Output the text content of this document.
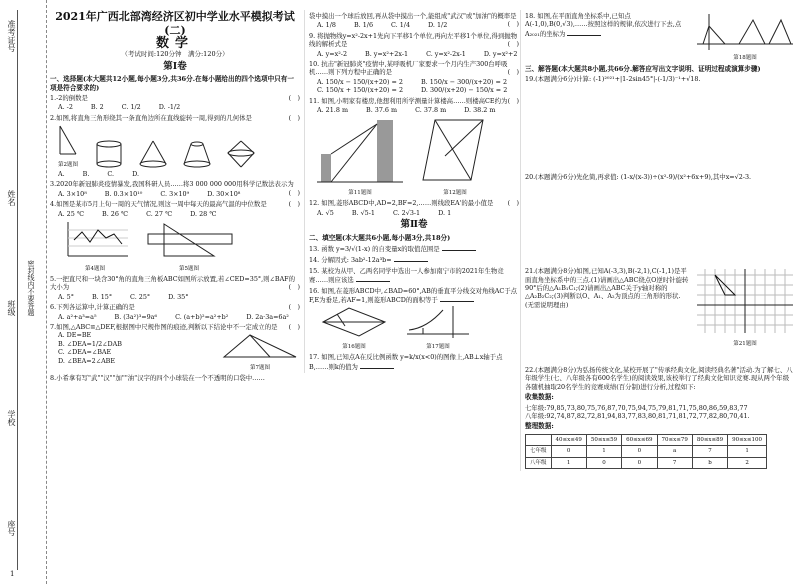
准考证号
姓名
密封线内不要答题
班级
学校
座号
2021年广西北部湾经济区初中学业水平模拟考试(二)
数学
（考试时间:120分钟　满分:120分）
第Ⅰ卷
一、选择题(本大题共12小题,每小题3分,共36分.在每小题给出的四个选项中只有一项是符合要求的)
1.-2的倒数是	(　)
A. -2	B. 2	C. 1/2	D. -1/2
2.如图,将直角三角形绕其一条直角边所在直线旋转一周,得到的几何体是	(　)
第2题图
A.	B.	C.	D.
3.2020年新冠肺炎疫情暴发,我国科研人员……将3 000 000 000用科学记数法表示为
(　)
A. 3×10⁸	B. 0.3×10¹⁰	C. 3×10⁹	D. 30×10⁸
4.如图是某市5月上旬一周的天气情况,则这一周中每天的最高气温的中位数是	(　)
A. 25 ℃	B. 26 ℃	C. 27 ℃	D. 28 ℃
第4题图	第5题图
5.一把直尺和一块含30°角的直角三角板ABC如图所示放置,若∠CED=35°,则∠BAF的大小为	(　)
A. 5°	B. 15°	C. 25°	D. 35°
6.下列各运算中,计算正确的是	(　)
A. a²+a³=a⁵	B. (3a²)³=9a⁶	C. (a+b)²=a²+b²	D. 2a·3a=6a²
7.如图,△ABC≌△DEF,根据图中尺规作图的痕迹,判断以下结论中不一定成立的是 (　)
A. DE=BE
B. ∠DEA=1/2∠DAB
C. ∠DEA=∠BAE
D. ∠BEA=2∠ABE
第7题图
8.小希拿有写"武""汉""加""油"汉字的四个小球装在一个不透明的口袋中……
袋中摸出一个球后放回,再从袋中摸出一个,能组成"武汉"或"加油"的概率是
(　)
A. 1/8	B. 1/6	C. 1/4	D. 1/2
9. 将抛物线y=x²-2x+1先向下平移1个单位,再向左平移1个单位,得到抛物线的解析式是	(　)
A. y=x²-2	B. y=x²+2x-1	C. y=x²-2x-1	D. y=x²+2
10. 抗击"新冠肺炎"疫情中,某呼吸机厂家要求一个月内生产300台呼吸机……则下列方程中正确的是	(　)
A. 150/x − 150/(x+20) = 2	B. 150/x − 300/(x+20) = 2
C. 150/x + 150/(x+20) = 2	D. 300/(x+20) − 150/x = 2
11. 如图,小明家有楼房,他想利用所学测量计算楼高……则楼高CE约为 (　)
A. 21.8 m	B. 37.6 m	C. 37.8 m	D. 38.2 m
第11题图	第12题图
12. 如图,菱形ABCD中,AD=2,BF=2,……则线段EA'的最小值是 (　)
A. √5	B. √5-1	C. 2√3-1	D. 1
第Ⅱ卷
二、填空题(本大题共6小题,每小题3分,共18分)
13. 函数 y=3/√(1-x) 的自变量x的取值范围是
14. 分解因式: 3ab²-12a³b=
15. 某校为从甲、乙两名同学中选出一人参加南宁市的2021年生物竞赛……则应该选
16. 如图,在菱形ABCD中,∠BAD=60°,AB的垂直平分线交对角线AC于点F,E为垂足,若AF=1,则菱形ABCD的面积等于
第16题图	第17题图
17. 如图,已知点A在反比例函数 y=k/x(x<0)的图像上,AB⊥x轴于点B,……则k的值为
18. 如图,在平面直角坐标系中,已知点A(-1,0),B(0,√3),……按照这样的规律,依次进行下去,点A₂₀₂₁的坐标为
第18题图
三、解答题(本大题共8小题,共66分.解答应写出文字说明、证明过程或演算步骤)
19.(本题满分6分)计算: (-1)²⁰²¹+|1-2sin45°|-(-1/3)⁻¹+√18.
20.(本题满分6分)先化简,再求值: (1-x/(x-3))÷(x²-9)/(x²+6x+9),其中x=√2-3.
21.(本题满分8分)如图,已知A(-3,3),B(-2,1),C(-1,1)是平面直角坐标系中的三点.(1)请画出△ABC绕点O逆时针旋转90°后的△A₁B₁C₁;(2)请画出△ABC关于y轴对称的△A₂B₂C₂;(3)判断以O、A₁、A₂为顶点的三角形的形状.(无需说明理由)
第21题图
22.(本题满分8分)为弘扬传统文化,某校开展了"传承经典文化,阅读经典名著"活动.为了解七、八年级学生(七、八年级各有600名学生)的阅读效果,该校举行了经典文化知识竞赛.现从两个年级各随机抽取20名学生的竞赛成绩(百分制)进行分析,过程如下:
收集数据:
七年级:79,85,73,80,75,76,87,70,75,94,75,79,81,71,75,80,86,59,83,77
八年级:92,74,87,82,72,81,94,83,77,83,80,81,71,81,72,77,82,80,70,41.
整理数据:
	40≤x≤49	50≤x≤59	60≤x≤69	70≤x≤79	80≤x≤89	90≤x≤100
七年级	0	1	0	a	7	1
八年级	1	0	0	7	b	2
1
